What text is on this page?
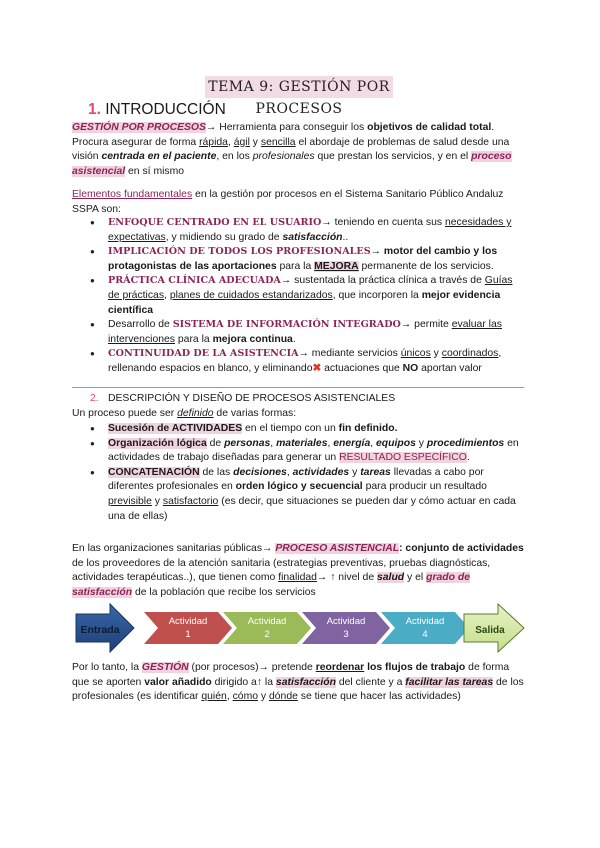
TEMA 9: GESTIÓN POR PROCESOS
1. INTRODUCCIÓN
GESTIÓN POR PROCESOS→ Herramienta para conseguir los objetivos de calidad total. Procura asegurar de forma rápida, ágil y sencilla el abordaje de problemas de salud desde una visión centrada en el paciente, en los profesionales que prestan los servicios, y en el proceso asistencial en sí mismo
Elementos fundamentales en la gestión por procesos en el Sistema Sanitario Público Andaluz SSPA son:
● ENFOQUE CENTRADO EN EL USUARIO→ teniendo en cuenta sus necesidades y expectativas, y midiendo su grado de satisfacción..
● IMPLICACIÓN DE TODOS LOS PROFESIONALES→ motor del cambio y los protagonistas de las aportaciones para la MEJORA permanente de los servicios.
● PRÁCTICA CLÍNICA ADECUADA→ sustentada la práctica clínica a través de Guías de prácticas, planes de cuidados estandarizados, que incorporen la mejor evidencia científica
● Desarrollo de SISTEMA DE INFORMACIÓN INTEGRADO→ permite evaluar las intervenciones para la mejora continua.
● CONTINUIDAD DE LA ASISTENCIA→ mediante servicios únicos y coordinados, rellenando espacios en blanco, y eliminando✖ actuaciones que NO aportan valor
2. DESCRIPCIÓN Y DISEÑO DE PROCESOS ASISTENCIALES
Un proceso puede ser definido de varias formas:
● Sucesión de ACTIVIDADES en el tiempo con un fin definido.
● Organización lógica de personas, materiales, energía, equipos y procedimientos en actividades de trabajo diseñadas para generar un RESULTADO ESPECÍFICO.
● CONCATENACIÓN de las decisiones, actividades y tareas llevadas a cabo por diferentes profesionales en orden lógico y secuencial para producir un resultado previsible y satisfactorio (es decir, que situaciones se pueden dar y cómo actuar en cada una de ellas)
En las organizaciones sanitarias públicas→ PROCESO ASISTENCIAL: conjunto de actividades de los proveedores de la atención sanitaria (estrategias preventivas, pruebas diagnósticas, actividades terapéuticas..), que tienen como finalidad→ ↑ nivel de salud y el grado de satisfacción de la población que recibe los servicios
Entrada
Actividad
1
Actividad
2
Actividad
3
Actividad
4	Salida
Por lo tanto, la GESTIÓN (por procesos)→ pretende reordenar los flujos de trabajo de forma que se aporten valor añadido dirigido a↑ la satisfacción del cliente y a facilitar las tareas de los profesionales (es identificar quién, cómo y dónde se tiene que hacer las actividades)
